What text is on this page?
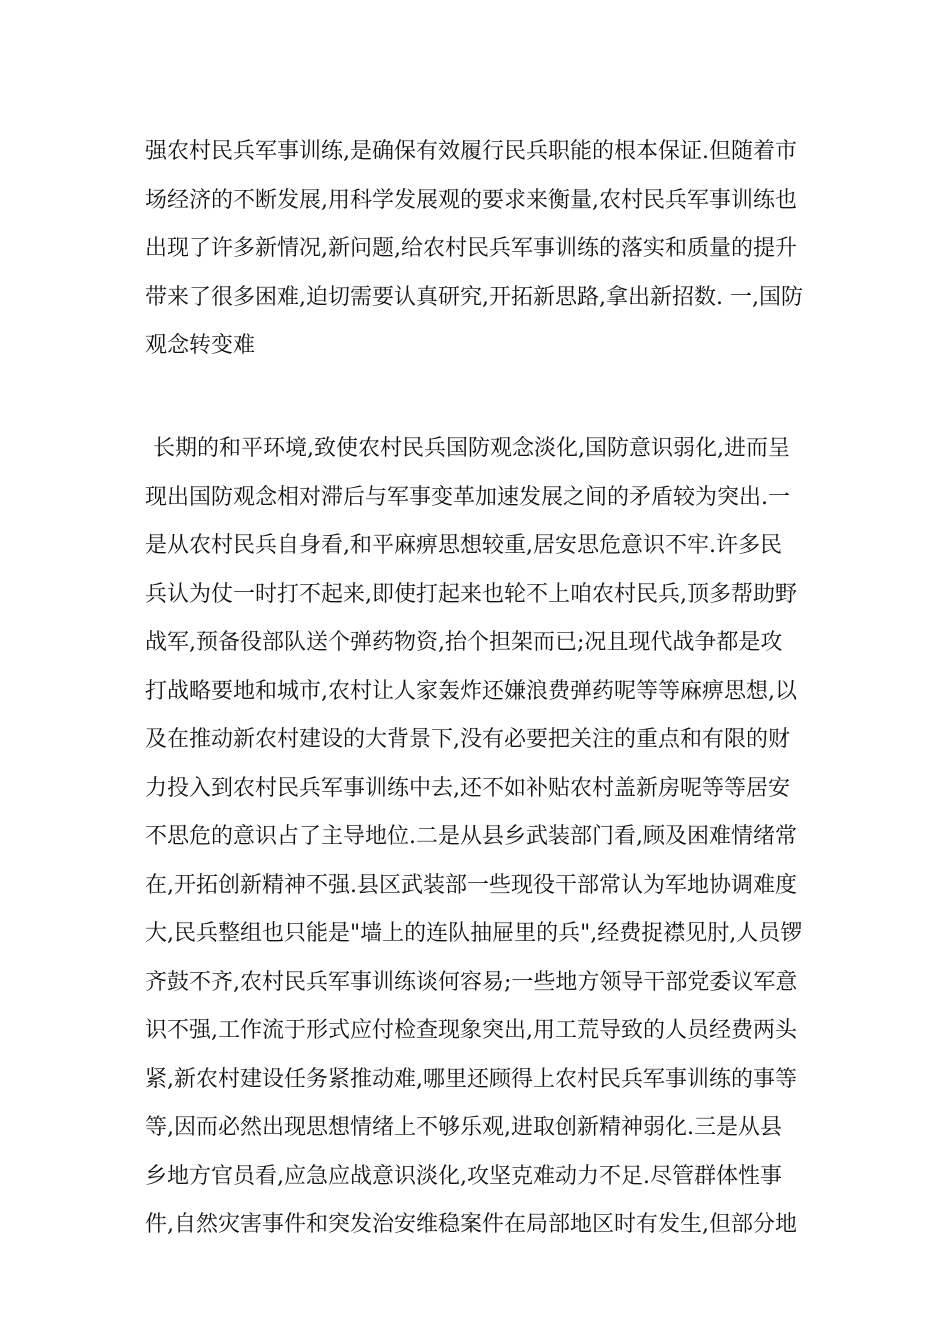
强农村民兵军事训练,是确保有效履行民兵职能的根本保证.但随着市
场经济的不断发展,用科学发展观的要求来衡量,农村民兵军事训练也
出现了许多新情况,新问题,给农村民兵军事训练的落实和质量的提升
带来了很多困难,迫切需要认真研究,开拓新思路,拿出新招数. 一,国防
观念转变难
长期的和平环境,致使农村民兵国防观念淡化,国防意识弱化,进而呈
现出国防观念相对滞后与军事变革加速发展之间的矛盾较为突出.一
是从农村民兵自身看,和平麻痹思想较重,居安思危意识不牢.许多民
兵认为仗一时打不起来,即使打起来也轮不上咱农村民兵,顶多帮助野
战军,预备役部队送个弹药物资,抬个担架而已;况且现代战争都是攻
打战略要地和城市,农村让人家轰炸还嫌浪费弹药呢等等麻痹思想,以
及在推动新农村建设的大背景下,没有必要把关注的重点和有限的财
力投入到农村民兵军事训练中去,还不如补贴农村盖新房呢等等居安
不思危的意识占了主导地位.二是从县乡武装部门看,顾及困难情绪常
在,开拓创新精神不强.县区武装部一些现役干部常认为军地协调难度
大,民兵整组也只能是"墙上的连队抽屉里的兵",经费捉襟见肘,人员锣
齐鼓不齐,农村民兵军事训练谈何容易;一些地方领导干部党委议军意
识不强,工作流于形式应付检查现象突出,用工荒导致的人员经费两头
紧,新农村建设任务紧推动难,哪里还顾得上农村民兵军事训练的事等
等,因而必然出现思想情绪上不够乐观,进取创新精神弱化.三是从县
乡地方官员看,应急应战意识淡化,攻坚克难动力不足.尽管群体性事
件,自然灾害事件和突发治安维稳案件在局部地区时有发生,但部分地
